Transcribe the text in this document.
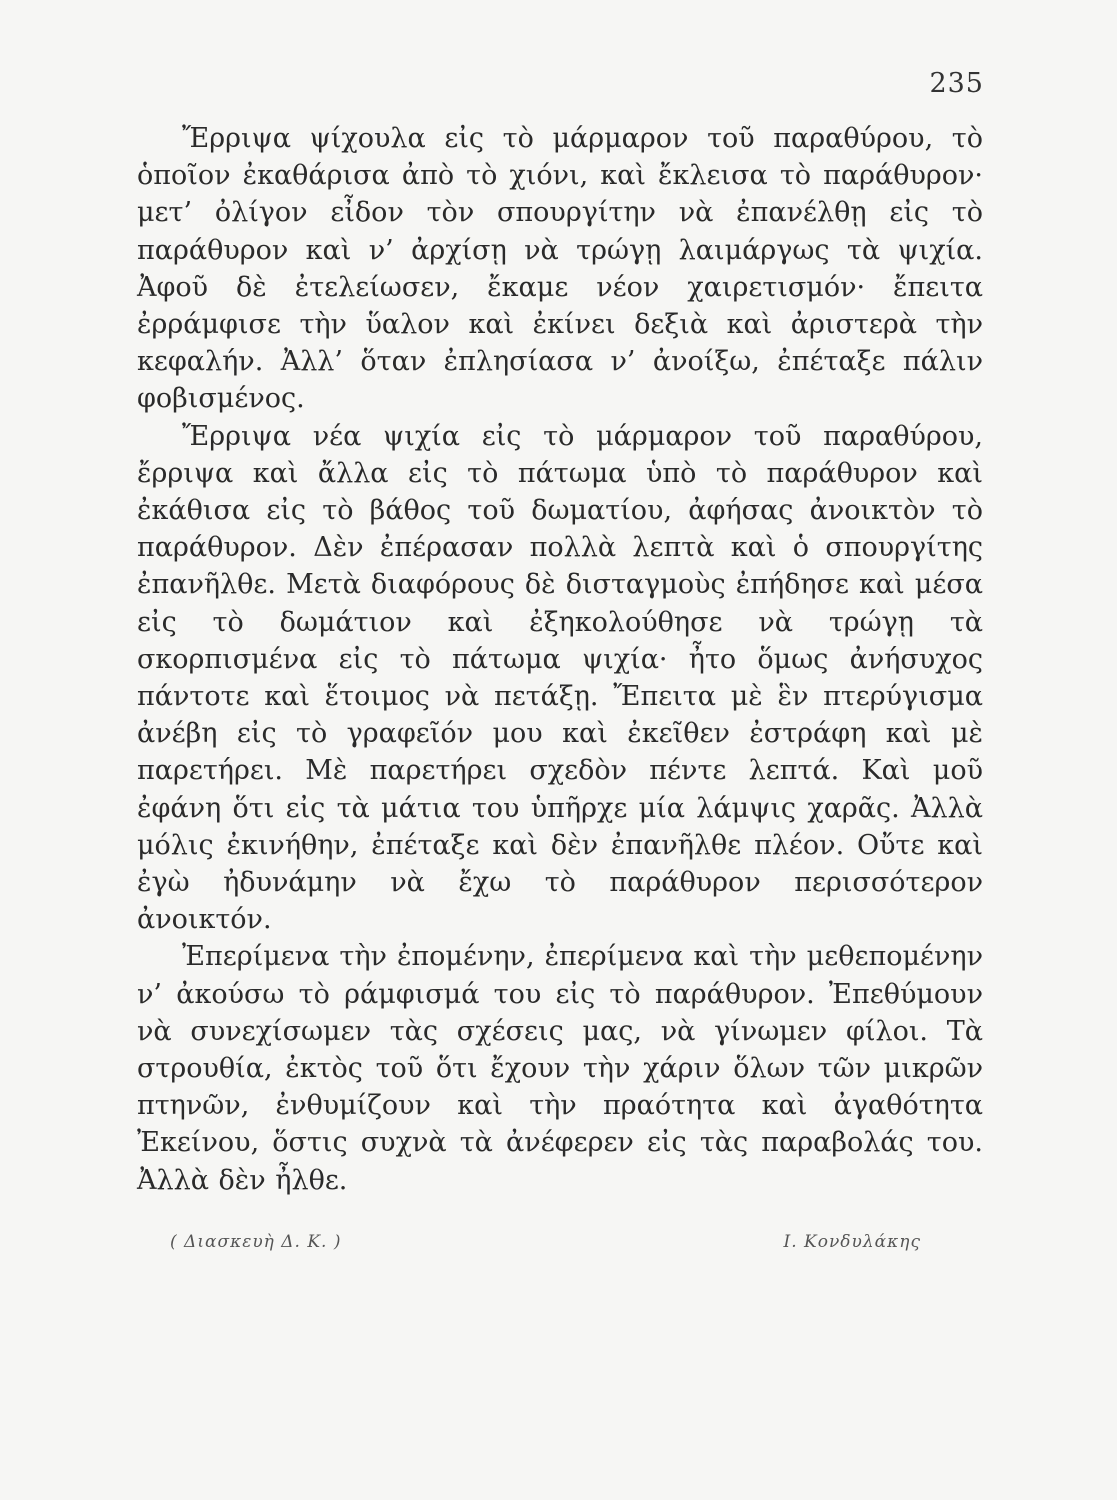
235

Ἔρριψα ψίχουλα εἰς τὸ μάρμαρον τοῦ παραθύρου, τὸ ὁποῖον ἐκαθάρισα ἀπὸ τὸ χιόνι, καὶ ἔκλεισα τὸ παράθυρον· μετ’ ὀλίγον εἶδον τὸν σπουργίτην νὰ ἐπανέλθῃ εἰς τὸ παράθυρον καὶ ν’ ἀρχίσῃ νὰ τρώγῃ λαιμάργως τὰ ψιχία. Ἀφοῦ δὲ ἐτελείωσεν, ἔκαμε νέον χαιρετισμόν· ἔπειτα ἐρράμφισε τὴν ὕαλον καὶ ἐκίνει δεξιὰ καὶ ἀριστερὰ τὴν κεφαλήν. Ἀλλ’ ὅταν ἐπλησίασα ν’ ἀνοίξω, ἐπέταξε πάλιν φοβισμένος.

Ἔρριψα νέα ψιχία εἰς τὸ μάρμαρον τοῦ παραθύρου, ἔρριψα καὶ ἄλλα εἰς τὸ πάτωμα ὑπὸ τὸ παράθυρον καὶ ἐκάθισα εἰς τὸ βάθος τοῦ δωματίου, ἀφήσας ἀνοικτὸν τὸ παράθυρον. Δὲν ἐπέρασαν πολλὰ λεπτὰ καὶ ὁ σπουργίτης ἐπανῆλθε. Μετὰ διαφόρους δὲ δισταγμοὺς ἐπήδησε καὶ μέσα εἰς τὸ δωμάτιον καὶ ἐξηκολούθησε νὰ τρώγῃ τὰ σκορπισμένα εἰς τὸ πάτωμα ψιχία· ἦτο ὅμως ἀνήσυχος πάντοτε καὶ ἕτοιμος νὰ πετάξῃ. Ἔπειτα μὲ ἓν πτερύγισμα ἀνέβη εἰς τὸ γραφεῖόν μου καὶ ἐκεῖθεν ἐστράφη καὶ μὲ παρετήρει. Μὲ παρετήρει σχεδὸν πέντε λεπτά. Καὶ μοῦ ἐφάνη ὅτι εἰς τὰ μάτια του ὑπῆρχε μία λάμψις χαρᾶς. Ἀλλὰ μόλις ἐκινήθην, ἐπέταξε καὶ δὲν ἐπανῆλθε πλέον. Οὔτε καὶ ἐγὼ ἠδυνάμην νὰ ἔχω τὸ παράθυρον περισσότερον ἀνοικτόν.

Ἐπερίμενα τὴν ἐπομένην, ἐπερίμενα καὶ τὴν μεθεπομένην ν’ ἀκούσω τὸ ράμφισμά του εἰς τὸ παράθυρον. Ἐπεθύμουν νὰ συνεχίσωμεν τὰς σχέσεις μας, νὰ γίνωμεν φίλοι. Τὰ στρουθία, ἐκτὸς τοῦ ὅτι ἔχουν τὴν χάριν ὅλων τῶν μικρῶν πτηνῶν, ἐνθυμίζουν καὶ τὴν πραότητα καὶ ἀγαθότητα Ἐκείνου, ὅστις συχνὰ τὰ ἀνέφερεν εἰς τὰς παραβολάς του. Ἀλλὰ δὲν ἦλθε.

( Διασκευὴ Δ. Κ. )	Ι. Κονδυλάκης
